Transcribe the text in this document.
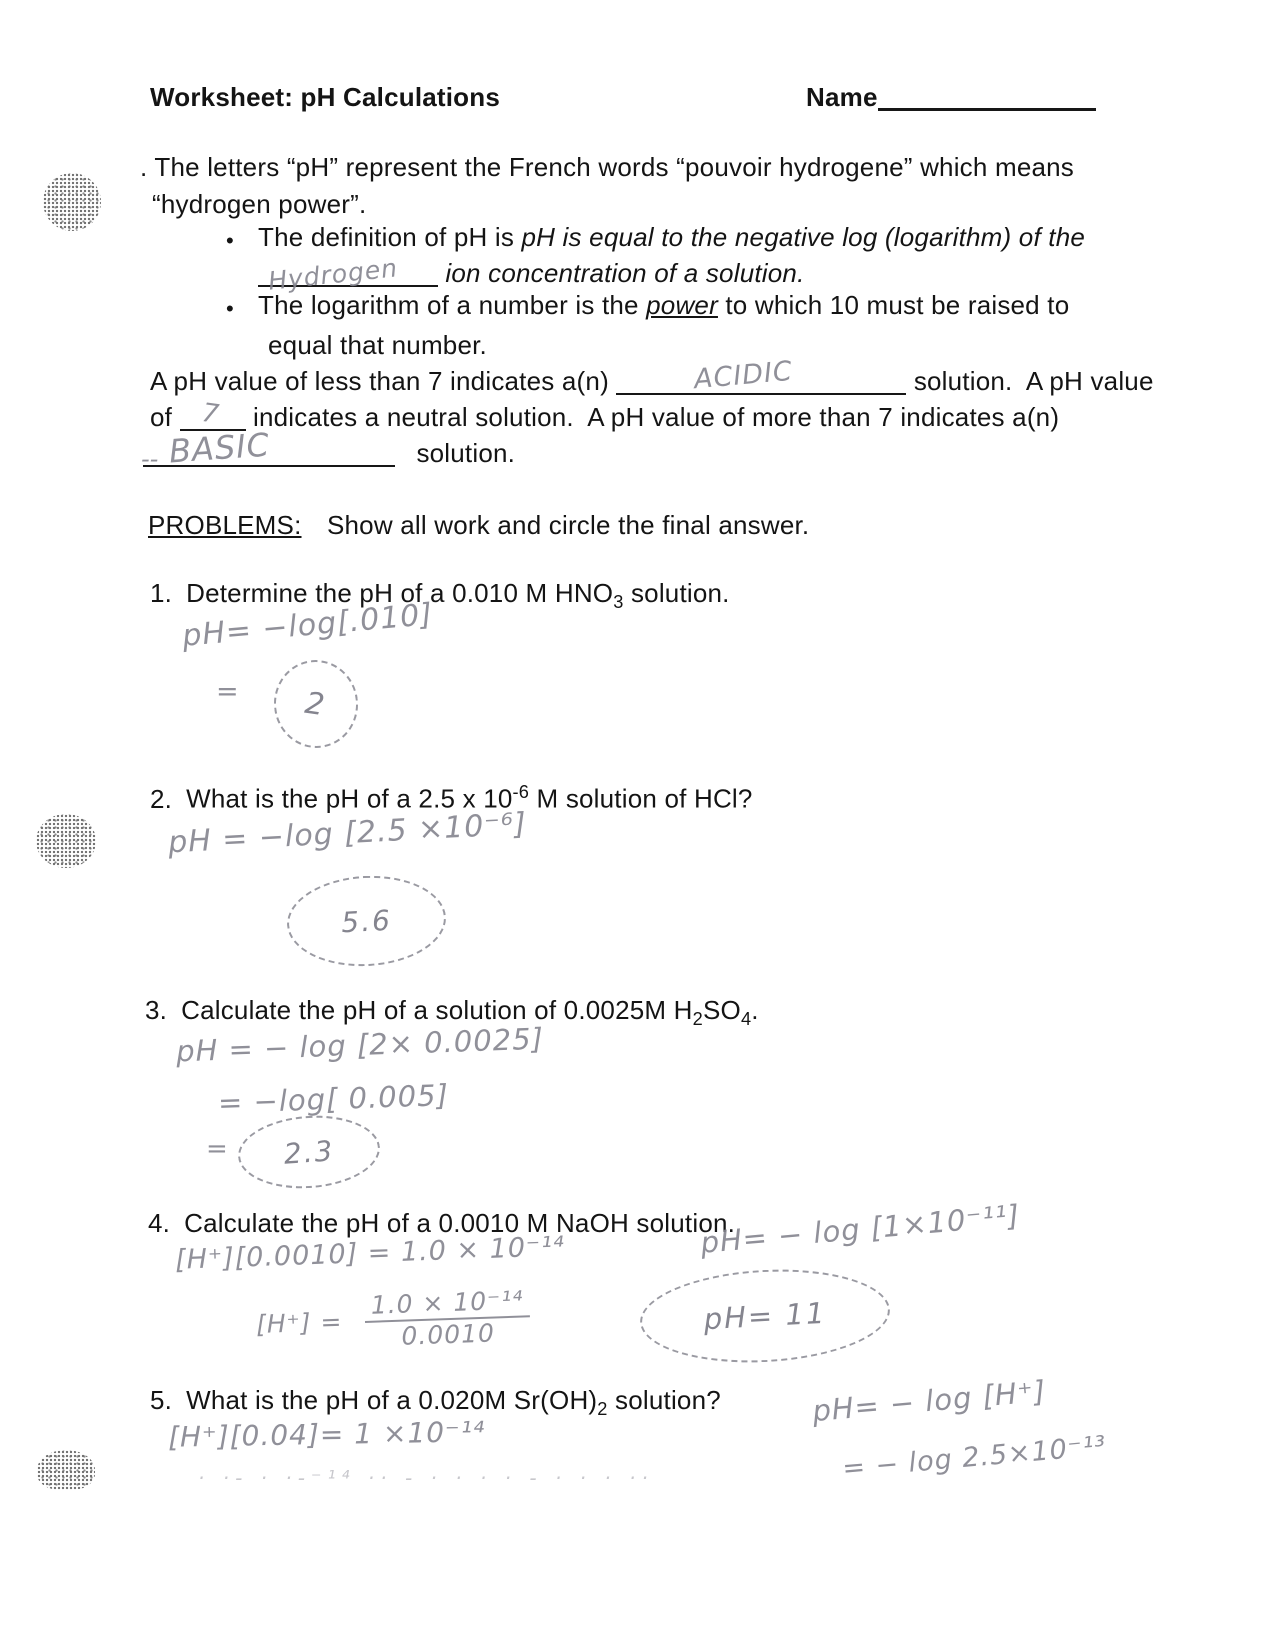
Worksheet: pH Calculations	Name
. The letters “pH” represent the French words “pouvoir hydrogene” which means
“hydrogen power”.
• The definition of pH is pH is equal to the negative log (logarithm) of the
Hydrogen ion concentration of a solution.
• The logarithm of a number is the power to which 10 must be raised to
equal that number.
A pH value of less than 7 indicates a(n)	ACIDIC	solution.  A pH value
of 7 indicates a neutral solution.  A pH value of more than 7 indicates a(n)
‐‐ BASIC	solution.
PROBLEMS: Show all work and circle the final answer.
1. Determine the pH of a 0.010 M $HNO_3$ solution.
pH= −log[.010]
= 2
2. What is the pH of a 2.5 x $10^{-6}$ M solution of HCl?
pH = −log [2.5 ×10⁻⁶]
5.6
3. Calculate the pH of a solution of 0.0025M $H_2SO_4$.
pH = − log [2× 0.0025]
= −log[ 0.005]
= 2.3
4. Calculate the pH of a 0.0010 M NaOH solution.
[H⁺][0.0010] = 1.0 × 10⁻¹⁴
$[H^+] = \frac{\text{1.0 × 10⁻¹⁴}}{0.0010}$
pH= − log [1×10⁻¹¹]
pH= 11
5. What is the pH of a 0.020M $Sr(OH)_2$ solution?
[H⁺][0.04]= 1 ×10⁻¹⁴
· ·‐ · ·‐⁻¹⁴ ·· ‐ · · · · ‐ · · · ··
pH= − log [H⁺]
= − log 2.5×10⁻¹³
